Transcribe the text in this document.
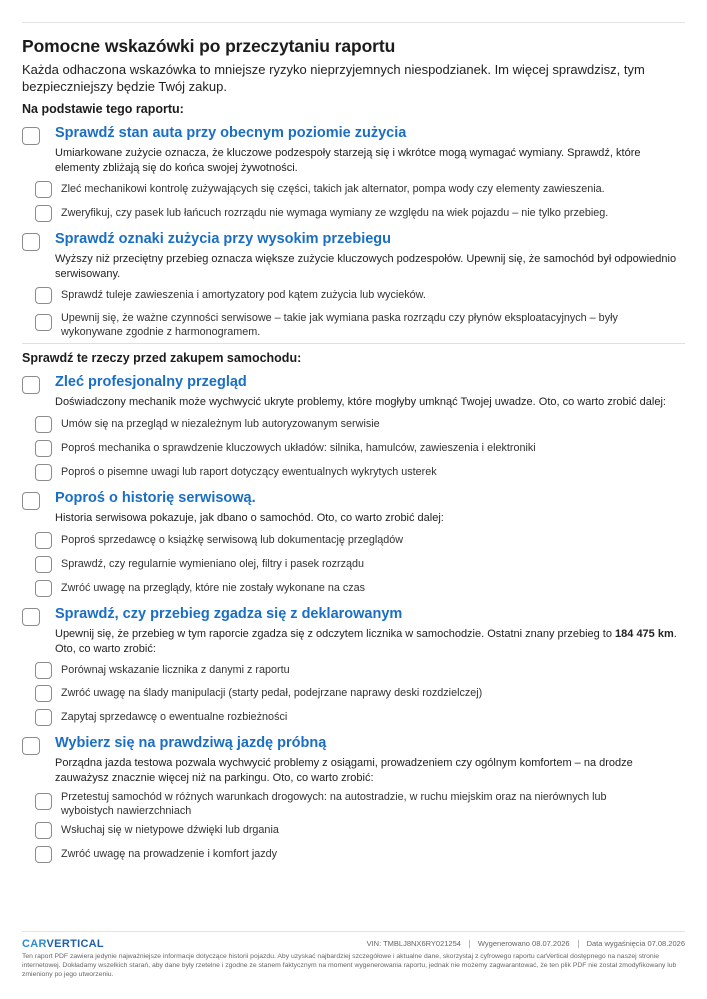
Pomocne wskazówki po przeczytaniu raportu
Każda odhaczona wskazówka to mniejsze ryzyko nieprzyjemnych niespodzianek. Im więcej sprawdzisz, tym bezpieczniejszy będzie Twój zakup.
Na podstawie tego raportu:
Sprawdź stan auta przy obecnym poziomie zużycia
Umiarkowane zużycie oznacza, że kluczowe podzespoły starzeją się i wkrótce mogą wymagać wymiany. Sprawdź, które elementy zbliżają się do końca swojej żywotności.
Zleć mechanikowi kontrolę zużywających się części, takich jak alternator, pompa wody czy elementy zawieszenia.
Zweryfikuj, czy pasek lub łańcuch rozrządu nie wymaga wymiany ze względu na wiek pojazdu – nie tylko przebieg.
Sprawdź oznaki zużycia przy wysokim przebiegu
Wyższy niż przeciętny przebieg oznacza większe zużycie kluczowych podzespołów. Upewnij się, że samochód był odpowiednio serwisowany.
Sprawdź tuleje zawieszenia i amortyzatory pod kątem zużycia lub wycieków.
Upewnij się, że ważne czynności serwisowe – takie jak wymiana paska rozrządu czy płynów eksploatacyjnych – były wykonywane zgodnie z harmonogramem.
Sprawdź te rzeczy przed zakupem samochodu:
Zleć profesjonalny przegląd
Doświadczony mechanik może wychwycić ukryte problemy, które mogłyby umknąć Twojej uwadze. Oto, co warto zrobić dalej:
Umów się na przegląd w niezależnym lub autoryzowanym serwisie
Poproś mechanika o sprawdzenie kluczowych układów: silnika, hamulców, zawieszenia i elektroniki
Poproś o pisemne uwagi lub raport dotyczący ewentualnych wykrytych usterek
Poproś o historię serwisową.
Historia serwisowa pokazuje, jak dbano o samochód. Oto, co warto zrobić dalej:
Poproś sprzedawcę o książkę serwisową lub dokumentację przeglądów
Sprawdź, czy regularnie wymieniano olej, filtry i pasek rozrządu
Zwróć uwagę na przeglądy, które nie zostały wykonane na czas
Sprawdź, czy przebieg zgadza się z deklarowanym
Upewnij się, że przebieg w tym raporcie zgadza się z odczytem licznika w samochodzie. Ostatni znany przebieg to 184 475 km. Oto, co warto zrobić:
Porównaj wskazanie licznika z danymi z raportu
Zwróć uwagę na ślady manipulacji (starty pedał, podejrzane naprawy deski rozdzielczej)
Zapytaj sprzedawcę o ewentualne rozbieżności
Wybierz się na prawdziwą jazdę próbną
Porządna jazda testowa pozwala wychwycić problemy z osiągami, prowadzeniem czy ogólnym komfortem – na drodze zauważysz znacznie więcej niż na parkingu. Oto, co warto zrobić:
Przetestuj samochód w różnych warunkach drogowych: na autostradzie, w ruchu miejskim oraz na nierównych lub wyboistych nawierzchniach
Wsłuchaj się w nietypowe dźwięki lub drgania
Zwróć uwagę na prowadzenie i komfort jazdy
CARVERTICAL	VIN: TMBLJ8NX6RY021254 Wygenerowano 08.07.2026 Data wygaśnięcia 07.08.2026
Ten raport PDF zawiera jedynie najważniejsze informacje dotyczące historii pojazdu. Aby uzyskać najbardziej szczegółowe i aktualne dane, skorzystaj z cyfrowego raportu carVertical dostępnego na naszej stronie internetowej. Dokładamy wszelkich starań, aby dane były rzetelne i zgodne ze stanem faktycznym na moment wygenerowania raportu, jednak nie możemy zagwarantować, że ten plik PDF nie został zmodyfikowany lub zmieniony po jego utworzeniu.
